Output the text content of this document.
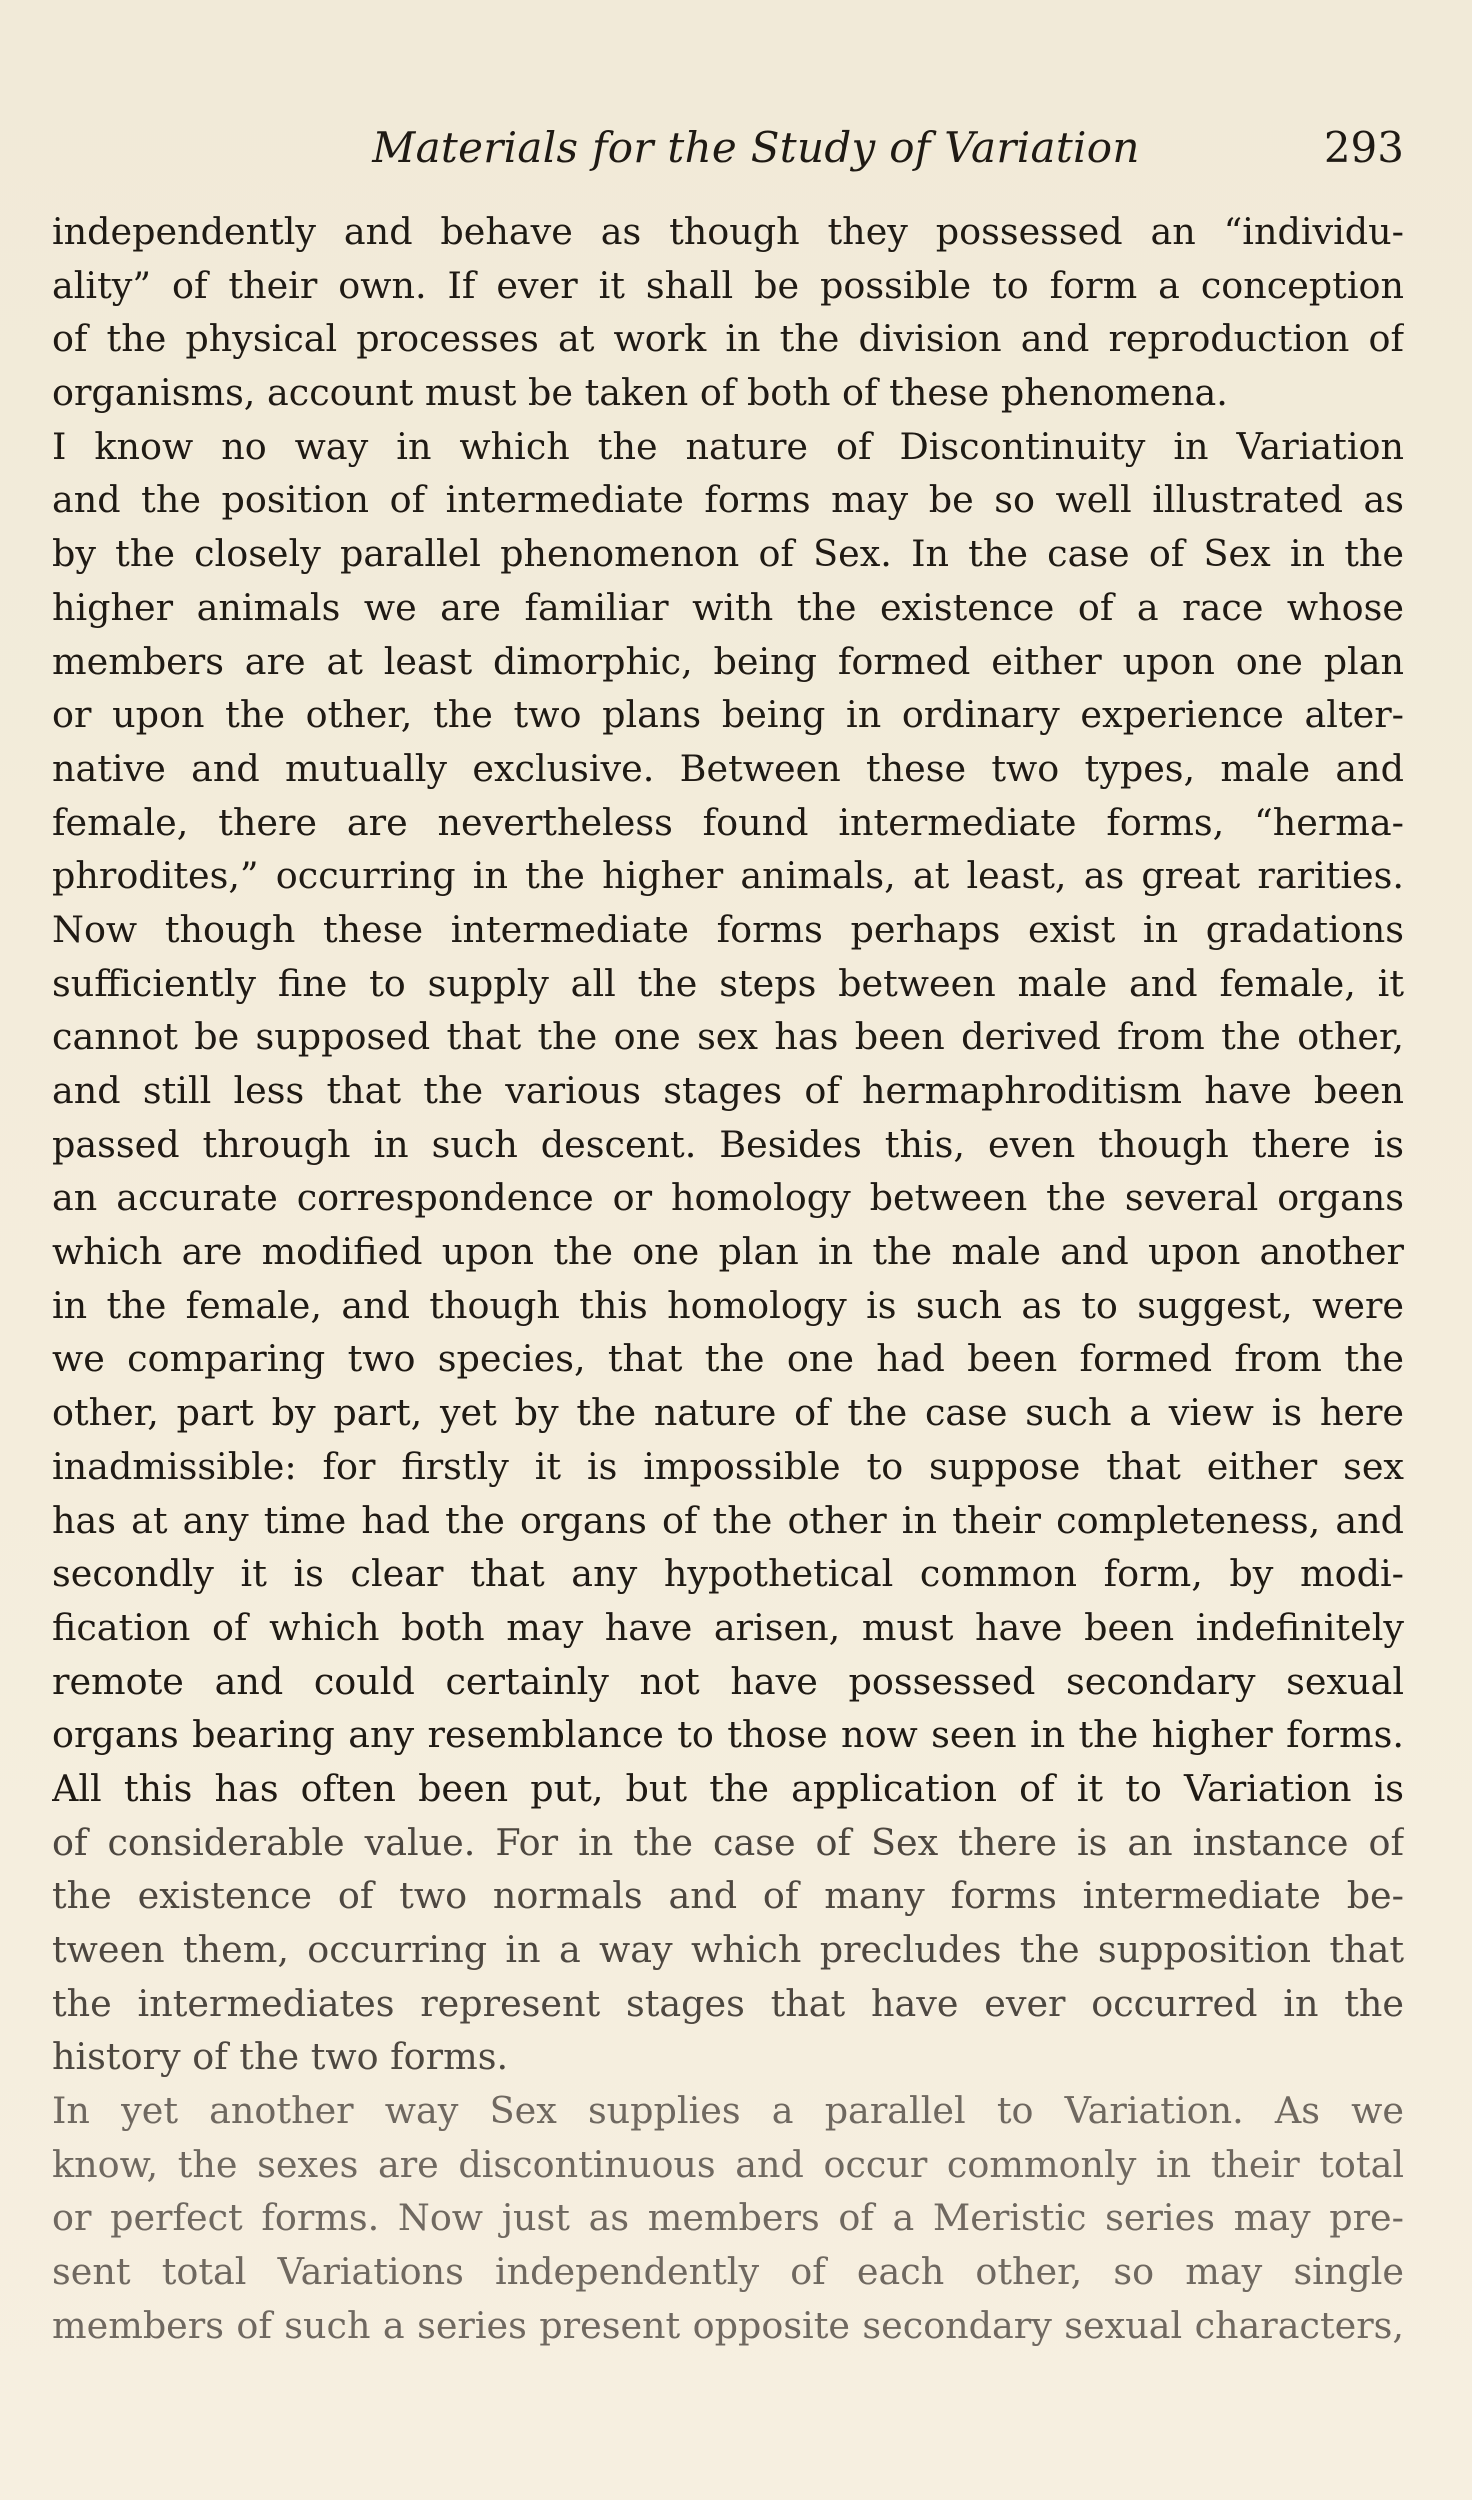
Materials for the Study of Variation	293

independently and behave as though they possessed an “individu-
ality” of their own. If ever it shall be possible to form a conception
of the physical processes at work in the division and reproduction of
organisms, account must be taken of both of these phenomena.

I know no way in which the nature of Discontinuity in Variation
and the position of intermediate forms may be so well illustrated as
by the closely parallel phenomenon of Sex. In the case of Sex in the
higher animals we are familiar with the existence of a race whose
members are at least dimorphic, being formed either upon one plan
or upon the other, the two plans being in ordinary experience alter-
native and mutually exclusive. Between these two types, male and
female, there are nevertheless found intermediate forms, “herma-
phrodites,” occurring in the higher animals, at least, as great rarities.
Now though these intermediate forms perhaps exist in gradations
sufficiently fine to supply all the steps between male and female, it
cannot be supposed that the one sex has been derived from the other,
and still less that the various stages of hermaphroditism have been
passed through in such descent. Besides this, even though there is
an accurate correspondence or homology between the several organs
which are modified upon the one plan in the male and upon another
in the female, and though this homology is such as to suggest, were
we comparing two species, that the one had been formed from the
other, part by part, yet by the nature of the case such a view is here
inadmissible: for firstly it is impossible to suppose that either sex
has at any time had the organs of the other in their completeness, and
secondly it is clear that any hypothetical common form, by modi-
fication of which both may have arisen, must have been indefinitely
remote and could certainly not have possessed secondary sexual
organs bearing any resemblance to those now seen in the higher forms.
All this has often been put, but the application of it to Variation is
of considerable value. For in the case of Sex there is an instance of
the existence of two normals and of many forms intermediate be-
tween them, occurring in a way which precludes the supposition that
the intermediates represent stages that have ever occurred in the
history of the two forms.

In yet another way Sex supplies a parallel to Variation. As we
know, the sexes are discontinuous and occur commonly in their total
or perfect forms. Now just as members of a Meristic series may pre-
sent total Variations independently of each other, so may single
members of such a series present opposite secondary sexual characters,
